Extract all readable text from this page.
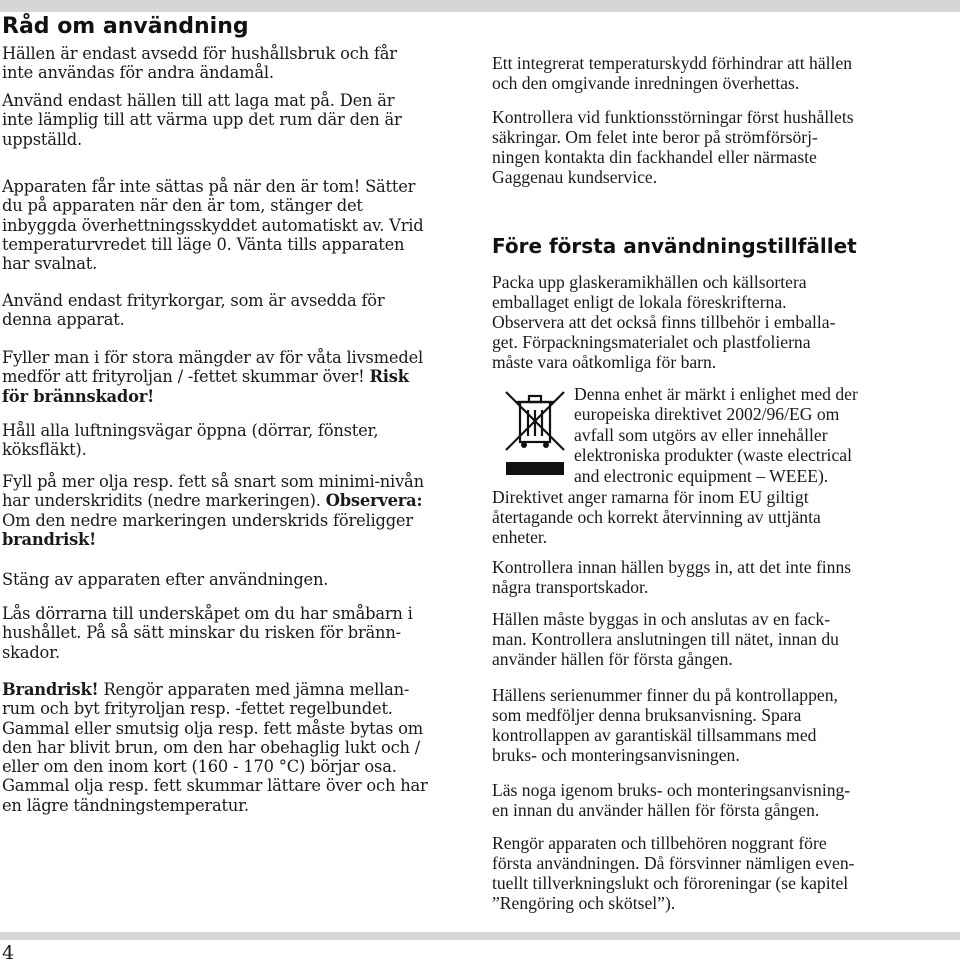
Råd om användning

Hällen är endast avsedd för hushållsbruk och får
inte användas för andra ändamål.

Använd endast hällen till att laga mat på. Den är
inte lämplig till att värma upp det rum där den är
uppställd.

Apparaten får inte sättas på när den är tom! Sätter
du på apparaten när den är tom, stänger det
inbyggda överhettningsskyddet automatiskt av. Vrid
temperaturvredet till läge 0. Vänta tills apparaten
har svalnat.

Använd endast frityrkorgar, som är avsedda för
denna apparat.

Fyller man i för stora mängder av för våta livsmedel
medför att frityroljan / -fettet skummar över! Risk
för brännskador!

Håll alla luftningsvägar öppna (dörrar, fönster,
köksfläkt).

Fyll på mer olja resp. fett så snart som minimi-nivån
har underskridits (nedre markeringen). Observera:
Om den nedre markeringen underskrids föreligger
brandrisk!

Stäng av apparaten efter användningen.

Lås dörrarna till underskåpet om du har småbarn i
hushållet. På så sätt minskar du risken för bränn-
skador.

Brandrisk! Rengör apparaten med jämna mellan-
rum och byt frityroljan resp. -fettet regelbundet.
Gammal eller smutsig olja resp. fett måste bytas om
den har blivit brun, om den har obehaglig lukt och /
eller om den inom kort (160 - 170 °C) börjar osa.
Gammal olja resp. fett skummar lättare över och har
en lägre tändningstemperatur.

Ett integrerat temperaturskydd förhindrar att hällen
och den omgivande inredningen överhettas.

Kontrollera vid funktionsstörningar först hushållets
säkringar. Om felet inte beror på strömförsörj-
ningen kontakta din fackhandel eller närmaste
Gaggenau kundservice.

Före första användningstillfället

Packa upp glaskeramikhällen och källsortera
emballaget enligt de lokala föreskrifterna.
Observera att det också finns tillbehör i emballa-
get. Förpackningsmaterialet och plastfolierna
måste vara oåtkomliga för barn.

Denna enhet är märkt i enlighet med der
europeiska direktivet 2002/96/EG om
avfall som utgörs av eller innehåller
elektroniska produkter (waste electrical
and electronic equipment – WEEE).

Direktivet anger ramarna för inom EU giltigt
återtagande och korrekt återvinning av uttjänta
enheter.

Kontrollera innan hällen byggs in, att det inte finns
några transportskador.

Hällen måste byggas in och anslutas av en fack-
man. Kontrollera anslutningen till nätet, innan du
använder hällen för första gången.

Hällens serienummer finner du på kontrollappen,
som medföljer denna bruksanvisning. Spara
kontrollappen av garantiskäl tillsammans med
bruks- och monteringsanvisningen.

Läs noga igenom bruks- och monteringsanvisning-
en innan du använder hällen för första gången.

Rengör apparaten och tillbehören noggrant före
första användningen. Då försvinner nämligen even-
tuellt tillverkningslukt och föroreningar (se kapitel
”Rengöring och skötsel”).

4
